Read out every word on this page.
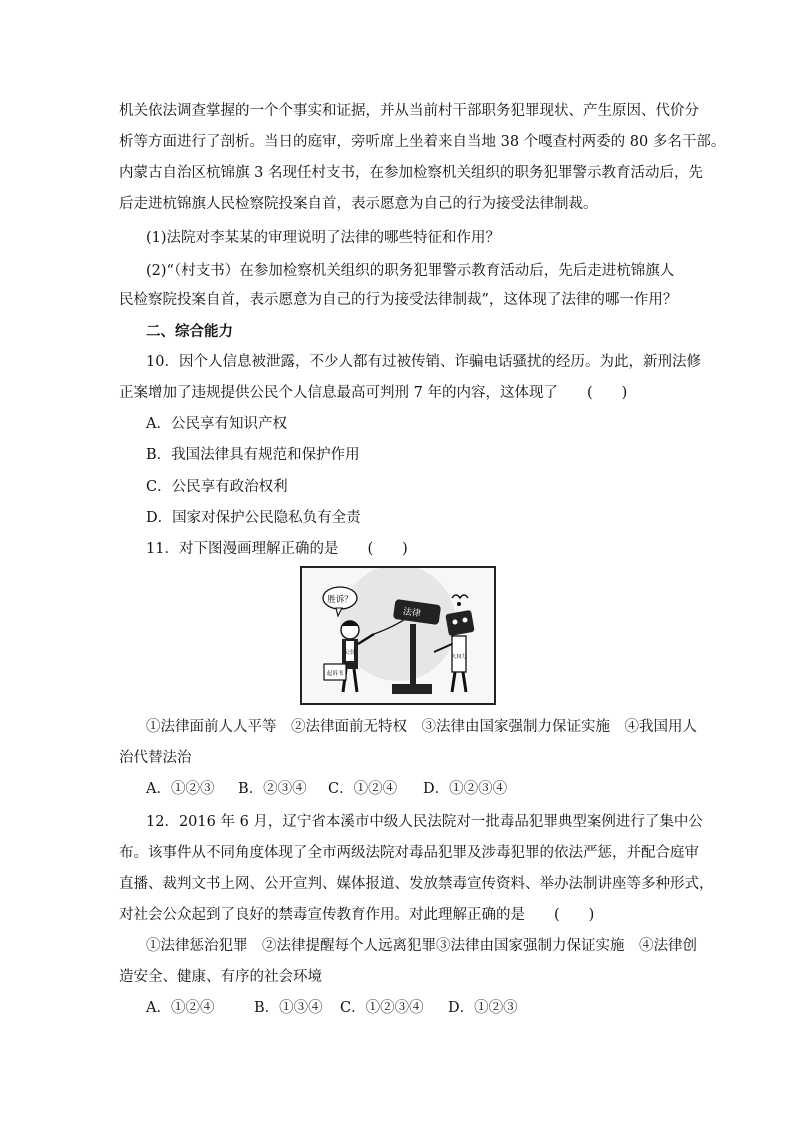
机关依法调查掌握的一个个事实和证据，并从当前村干部职务犯罪现状、产生原因、代价分
析等方面进行了剖析。当日的庭审，旁听席上坐着来自当地 38 个嘎查村两委的 80 多名干部。
内蒙古自治区杭锦旗 3 名现任村支书，在参加检察机关组织的职务犯罪警示教育活动后，先
后走进杭锦旗人民检察院投案自首，表示愿意为自己的行为接受法律制裁。
(1)法院对李某某的审理说明了法律的哪些特征和作用？
(2)“（村支书）在参加检察机关组织的职务犯罪警示教育活动后，先后走进杭锦旗人
民检察院投案自首，表示愿意为自己的行为接受法律制裁”，这体现了法律的哪一作用？
二、综合能力
10．因个人信息被泄露，不少人都有过被传销、诈骗电话骚扰的经历。为此，新刑法修
正案增加了违规提供公民个人信息最高可判刑 7 年的内容，这体现了　　(　　)
A．公民享有知识产权
B．我国法律具有规范和保护作用
C．公民享有政治权利
D．国家对保护公民隐私负有全责
11．对下图漫画理解正确的是　　(　　)
胜诉？
公民
起诉书
法律
大权力
①法律面前人人平等　②法律面前无特权　③法律由国家强制力保证实施　④我国用人
治代替法治
A．①②③ B．②③④ C．①②④ D．①②③④
12．2016 年 6 月，辽宁省本溪市中级人民法院对一批毒品犯罪典型案例进行了集中公
布。该事件从不同角度体现了全市两级法院对毒品犯罪及涉毒犯罪的依法严惩，并配合庭审
直播、裁判文书上网、公开宣判、媒体报道、发放禁毒宣传资料、举办法制讲座等多种形式，
对社会公众起到了良好的禁毒宣传教育作用。对此理解正确的是　　(　　)
①法律惩治犯罪　②法律提醒每个人远离犯罪③法律由国家强制力保证实施　④法律创
造安全、健康、有序的社会环境
A．①②④	B．①③④ C．①②③④ D．①②③
